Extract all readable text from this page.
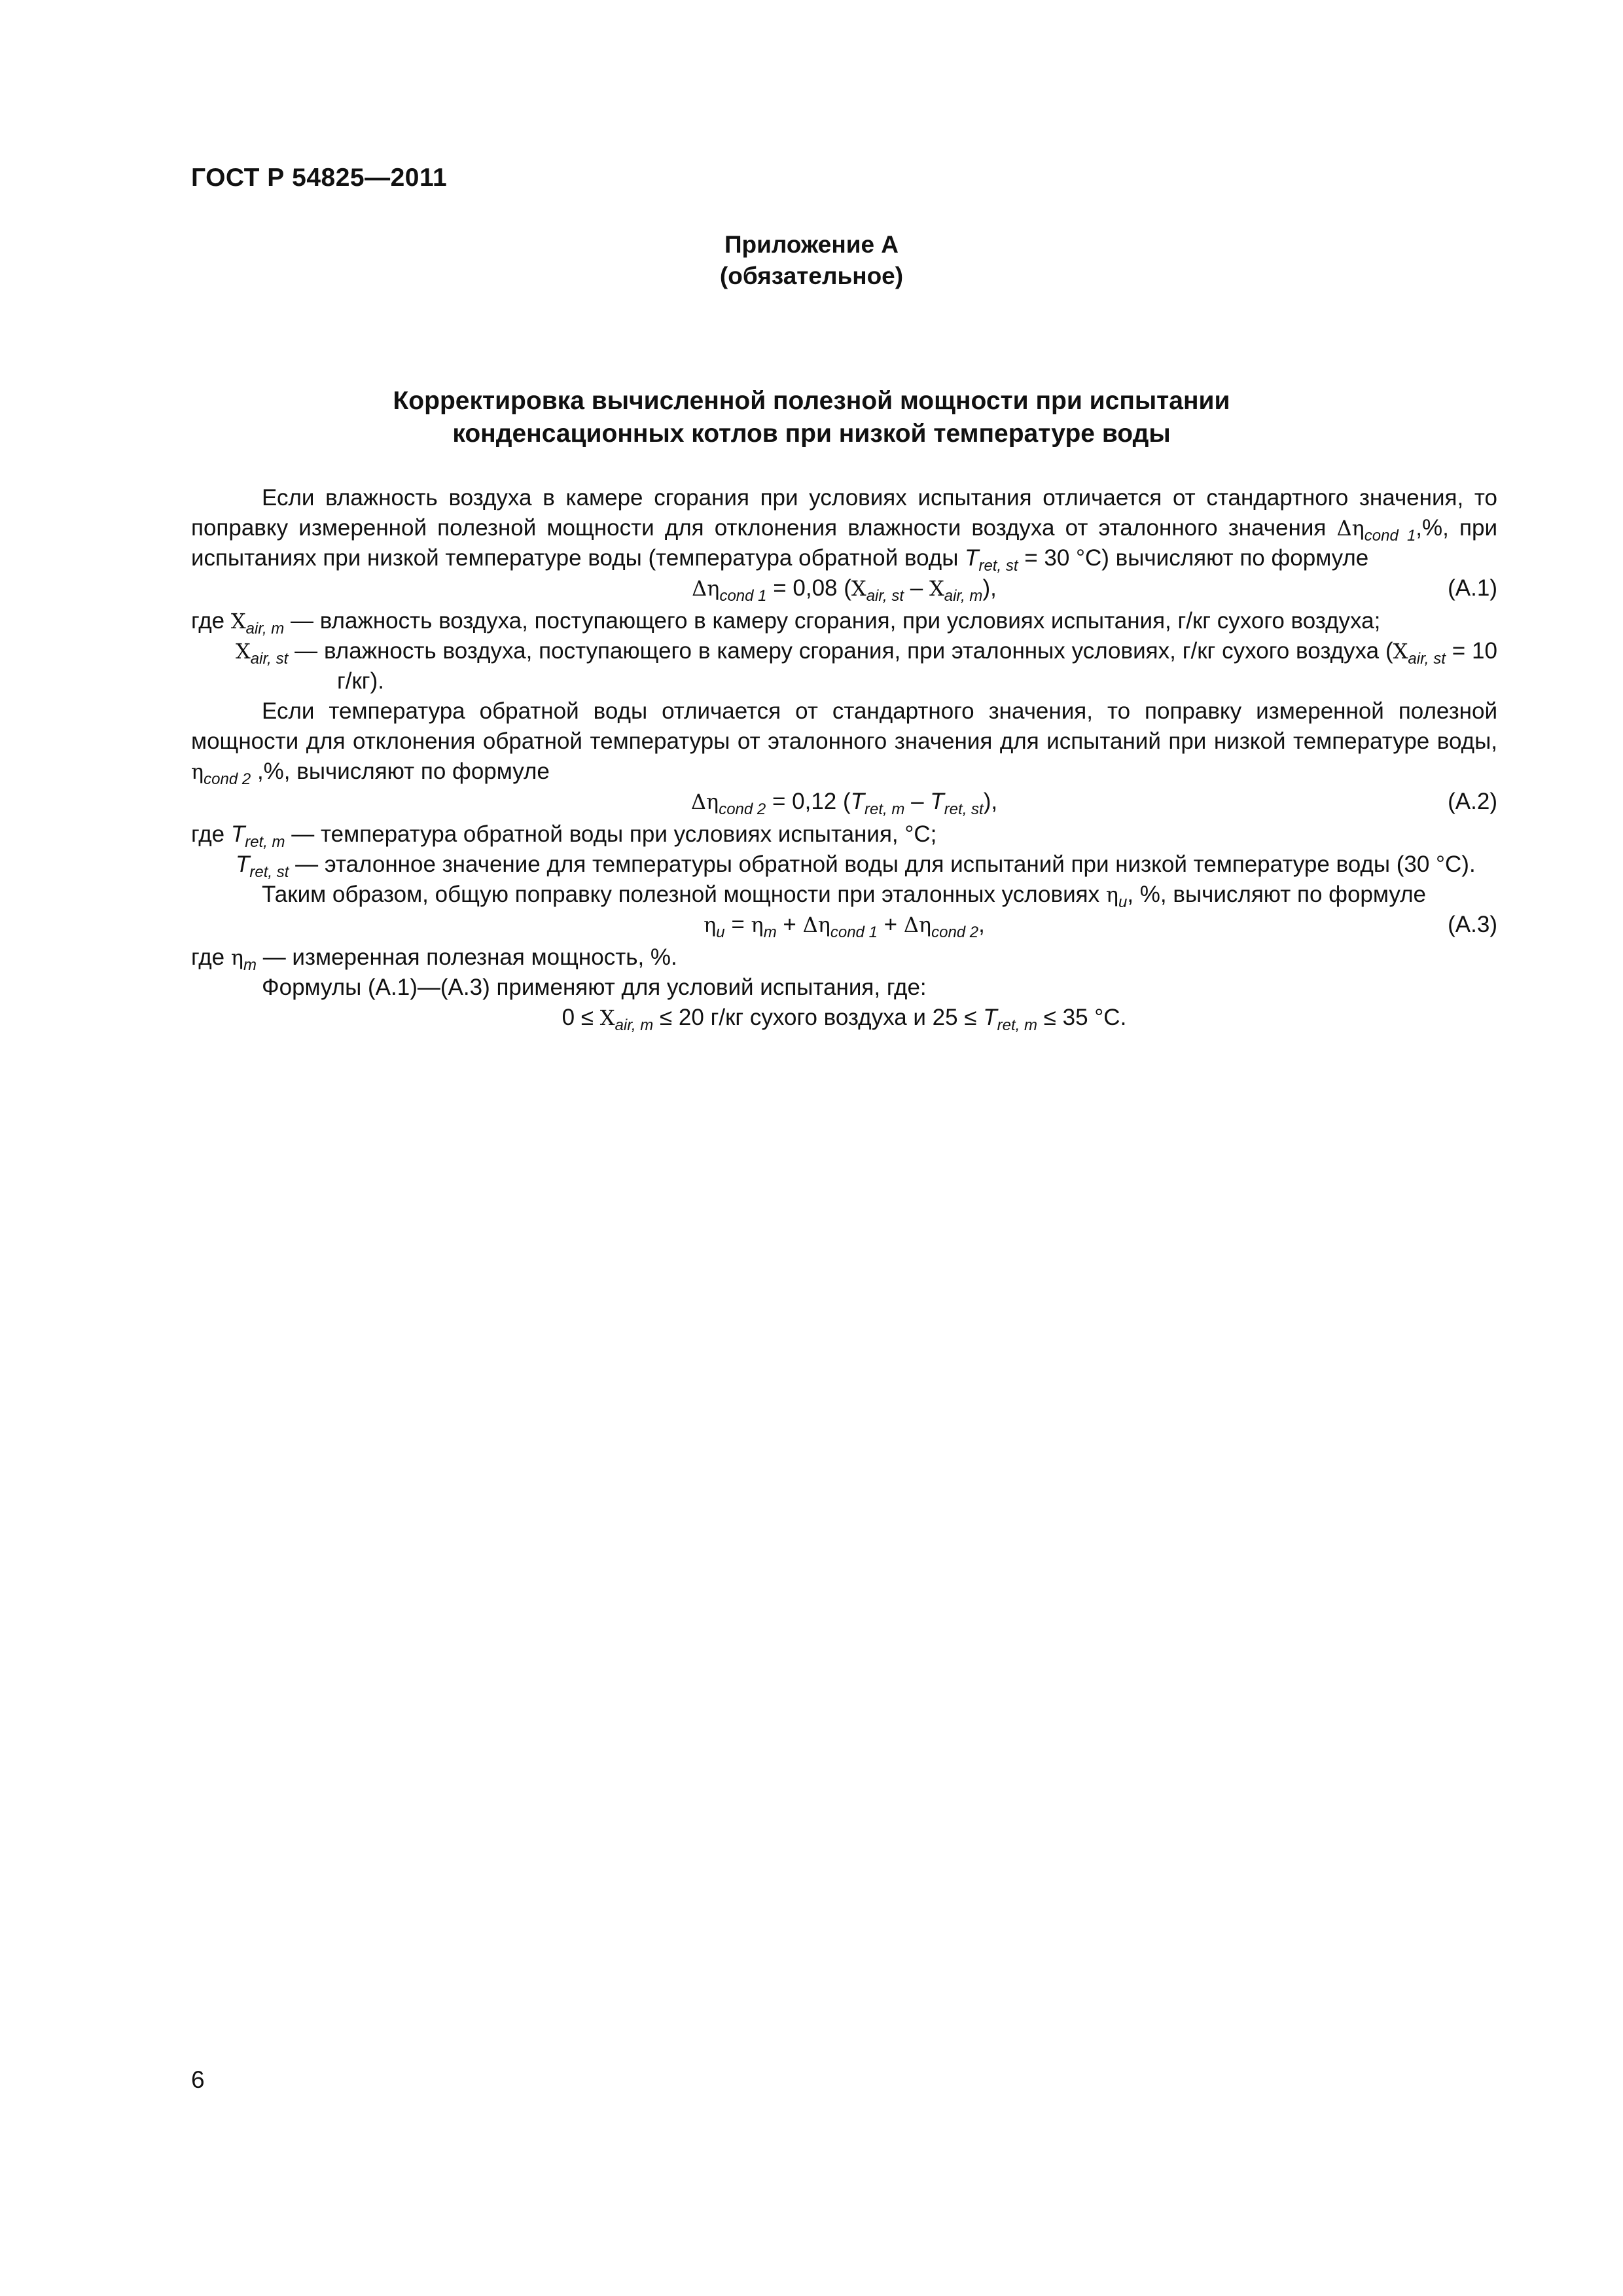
ГОСТ Р 54825—2011
Приложение А
(обязательное)
Корректировка вычисленной полезной мощности при испытании
конденсационных котлов при низкой температуре воды

Если влажность воздуха в камере сгорания при условиях испытания отличается от стандартного значения, то поправку измеренной полезной мощности для отклонения влажности воздуха от эталонного значения $\Delta\eta_{cond 1},\%$, при испытаниях при низкой температуре воды (температура обратной воды $T_{ret, st} = 30$ °С) вычисляют по формуле

$\Delta\eta_{cond 1} = 0,08$ $(X_{air, st} - X_{air, m})$,	(А.1)
где $X_{air, m}$ — влажность воздуха, поступающего в камеру сгорания, при условиях испытания, г/кг сухого воздуха;
$X_{air, st}$ — влажность воздуха, поступающего в камеру сгорания, при эталонных условиях, г/кг сухого воздуха ($X_{air, st} = 10$ г/кг).

Если температура обратной воды отличается от стандартного значения, то поправку измеренной полезной мощности для отклонения обратной температуры от эталонного значения для испытаний при низкой температуре воды, $\eta_{cond 2}$ ,%, вычисляют по формуле

$\Delta\eta_{cond 2} = 0,12$ $(T_{ret, m} - T_{ret, st})$,	(А.2)
где $T_{ret, m}$ — температура обратной воды при условиях испытания, °С;
$T_{ret, st}$ — эталонное значение для температуры обратной воды для испытаний при низкой температуре воды (30 °С).

Таким образом, общую поправку полезной мощности при эталонных условиях $\eta_u$, %, вычисляют по формуле

$\eta_u = \eta_m + \Delta\eta_{cond 1} + \Delta\eta_{cond 2}$,	(А.3)
где $\eta_m$ — измеренная полезная мощность, %.

Формулы (А.1)—(А.3) применяют для условий испытания, где:

$0 \le X_{air, m} \le 20$ г/кг сухого воздуха и $25 \le T_{ret, m} \le 35$ °С.
6
